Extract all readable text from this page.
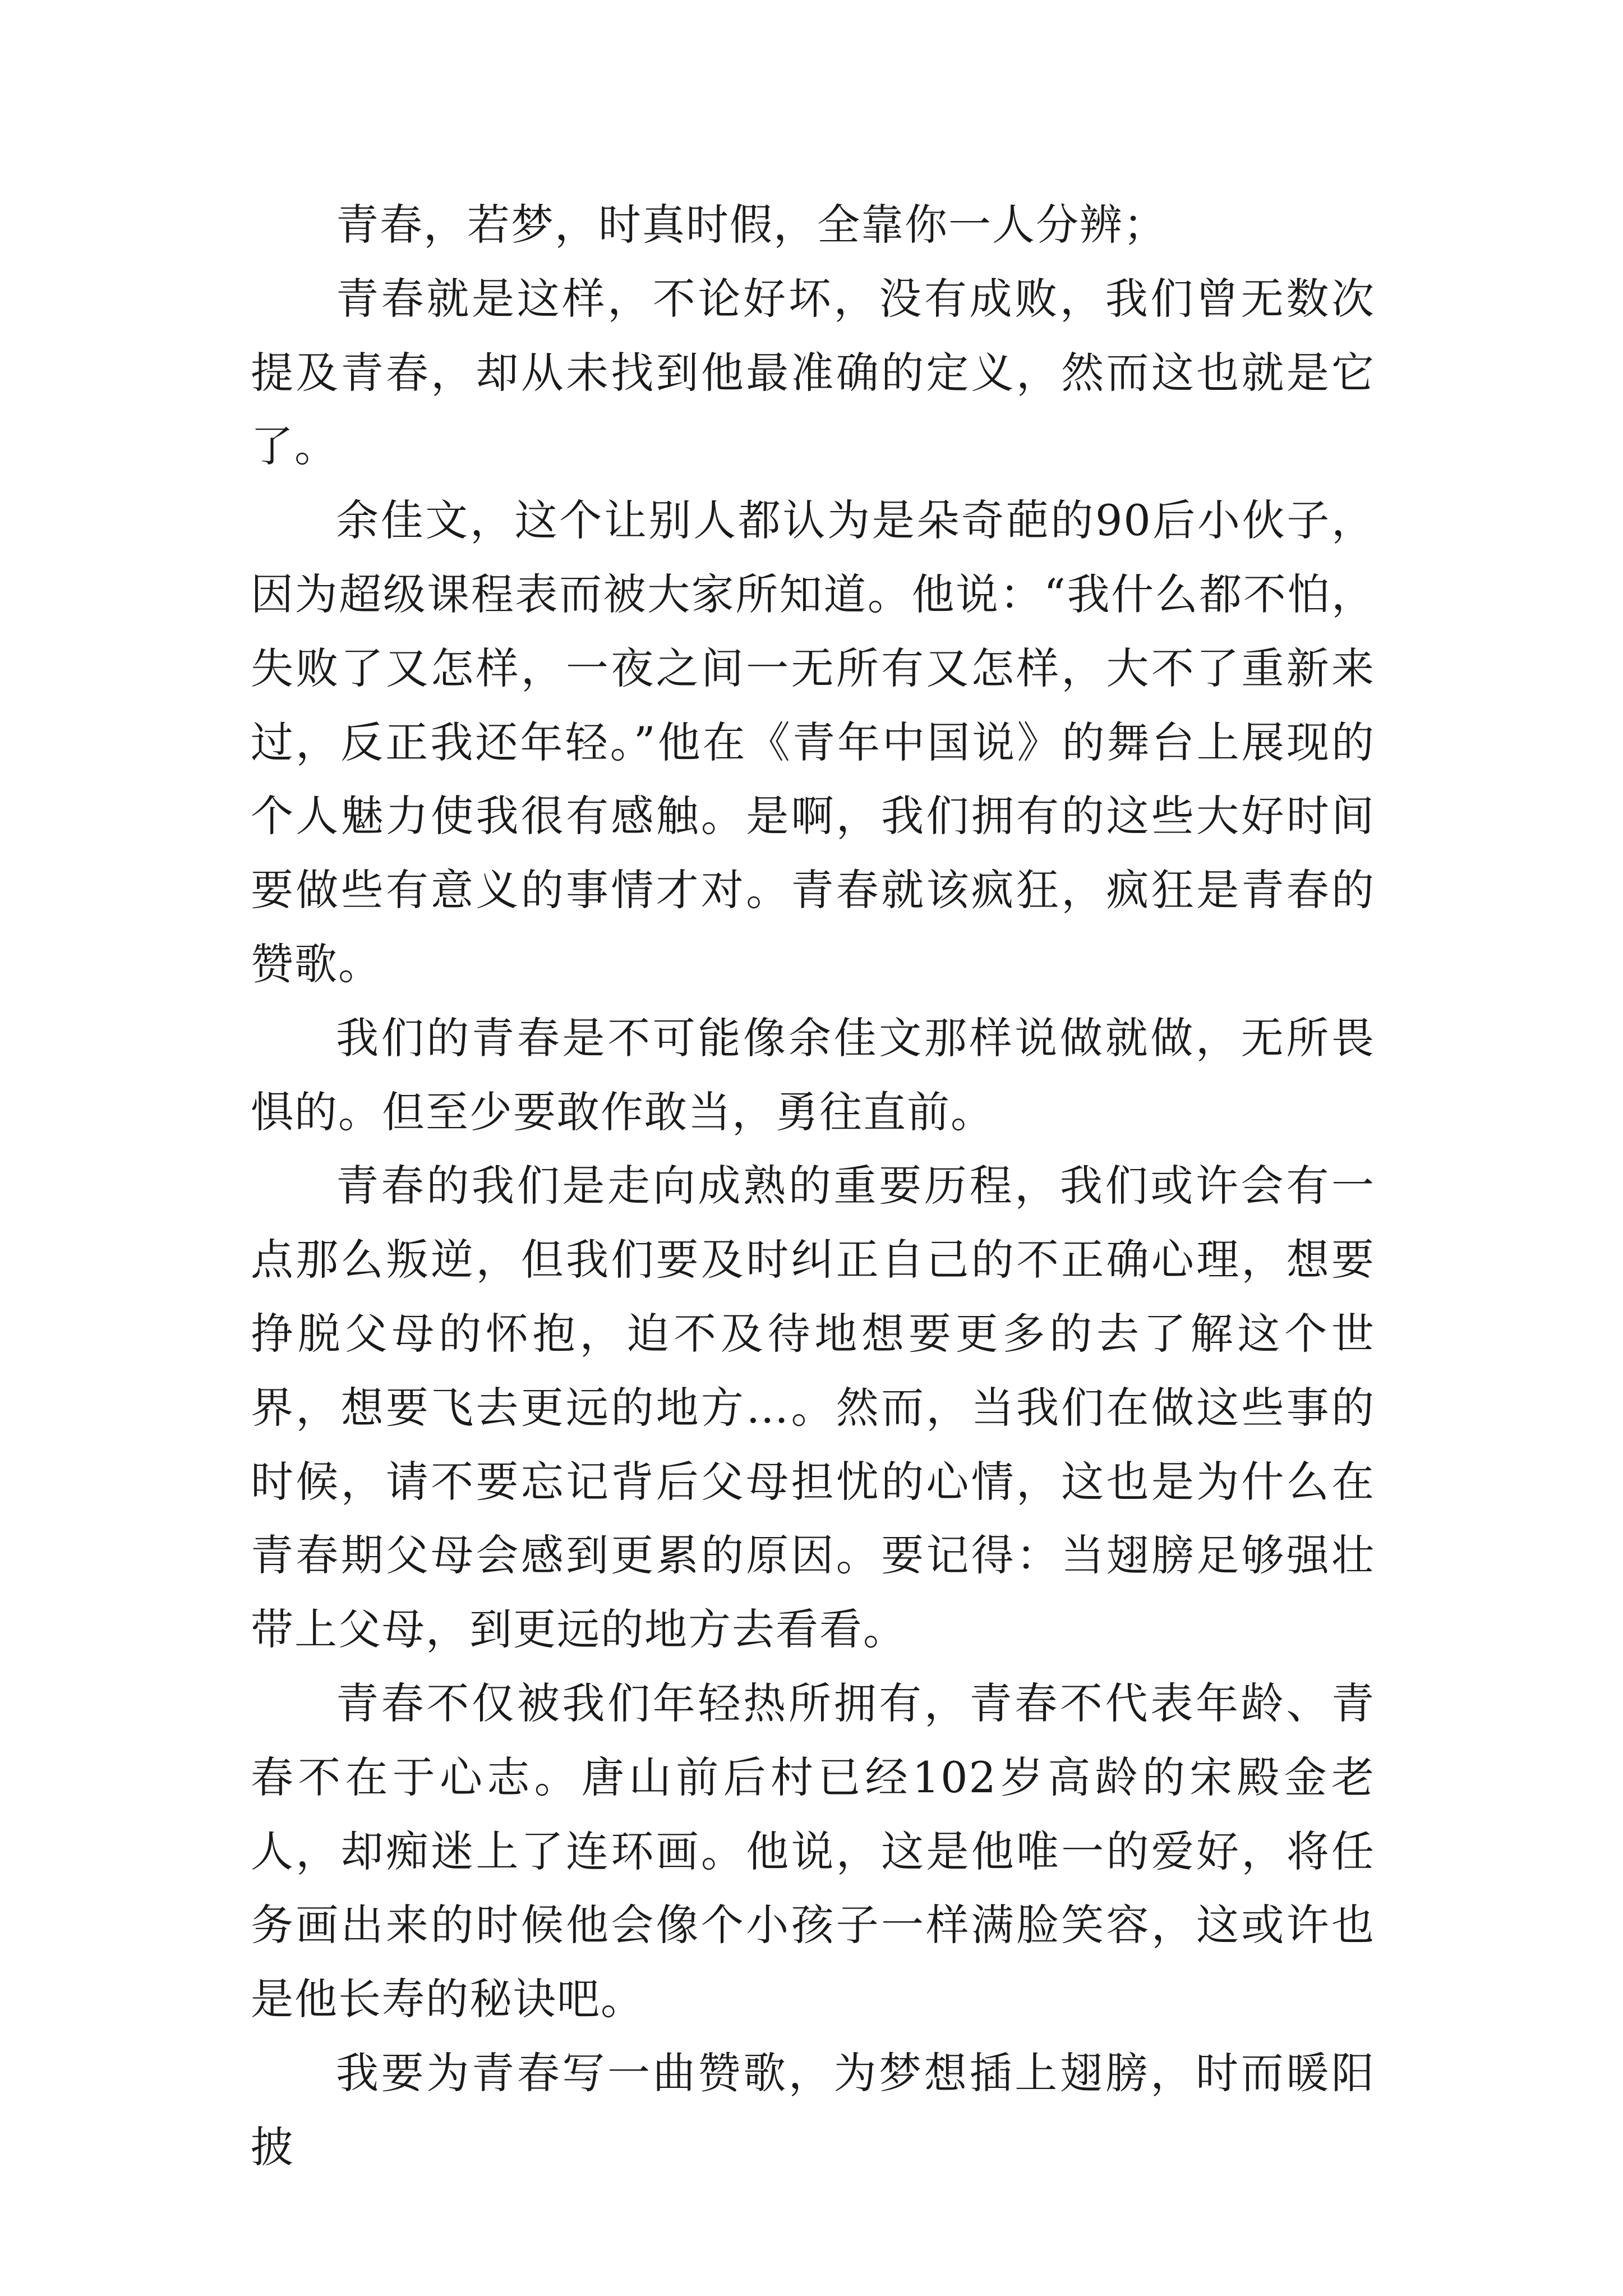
青春，若梦，时真时假，全靠你一人分辨；

青春就是这样，不论好坏，没有成败，我们曾无数次提及青春，却从未找到他最准确的定义，然而这也就是它了。

余佳文，这个让别人都认为是朵奇葩的90后小伙子，因为超级课程表而被大家所知道。他说：“我什么都不怕，失败了又怎样，一夜之间一无所有又怎样，大不了重新来过，反正我还年轻。”他在《青年中国说》的舞台上展现的个人魅力使我很有感触。是啊，我们拥有的这些大好时间要做些有意义的事情才对。青春就该疯狂，疯狂是青春的赞歌。

我们的青春是不可能像余佳文那样说做就做，无所畏惧的。但至少要敢作敢当，勇往直前。

青春的我们是走向成熟的重要历程，我们或许会有一点那么叛逆，但我们要及时纠正自己的不正确心理，想要挣脱父母的怀抱，迫不及待地想要更多的去了解这个世界，想要飞去更远的地方…。然而，当我们在做这些事的时候，请不要忘记背后父母担忧的心情，这也是为什么在青春期父母会感到更累的原因。要记得：当翅膀足够强壮带上父母，到更远的地方去看看。

青春不仅被我们年轻热所拥有，青春不代表年龄、青春不在于心志。唐山前后村已经102岁高龄的宋殿金老人，却痴迷上了连环画。他说，这是他唯一的爱好，将任务画出来的时候他会像个小孩子一样满脸笑容，这或许也是他长寿的秘诀吧。

我要为青春写一曲赞歌，为梦想插上翅膀，时而暖阳披
